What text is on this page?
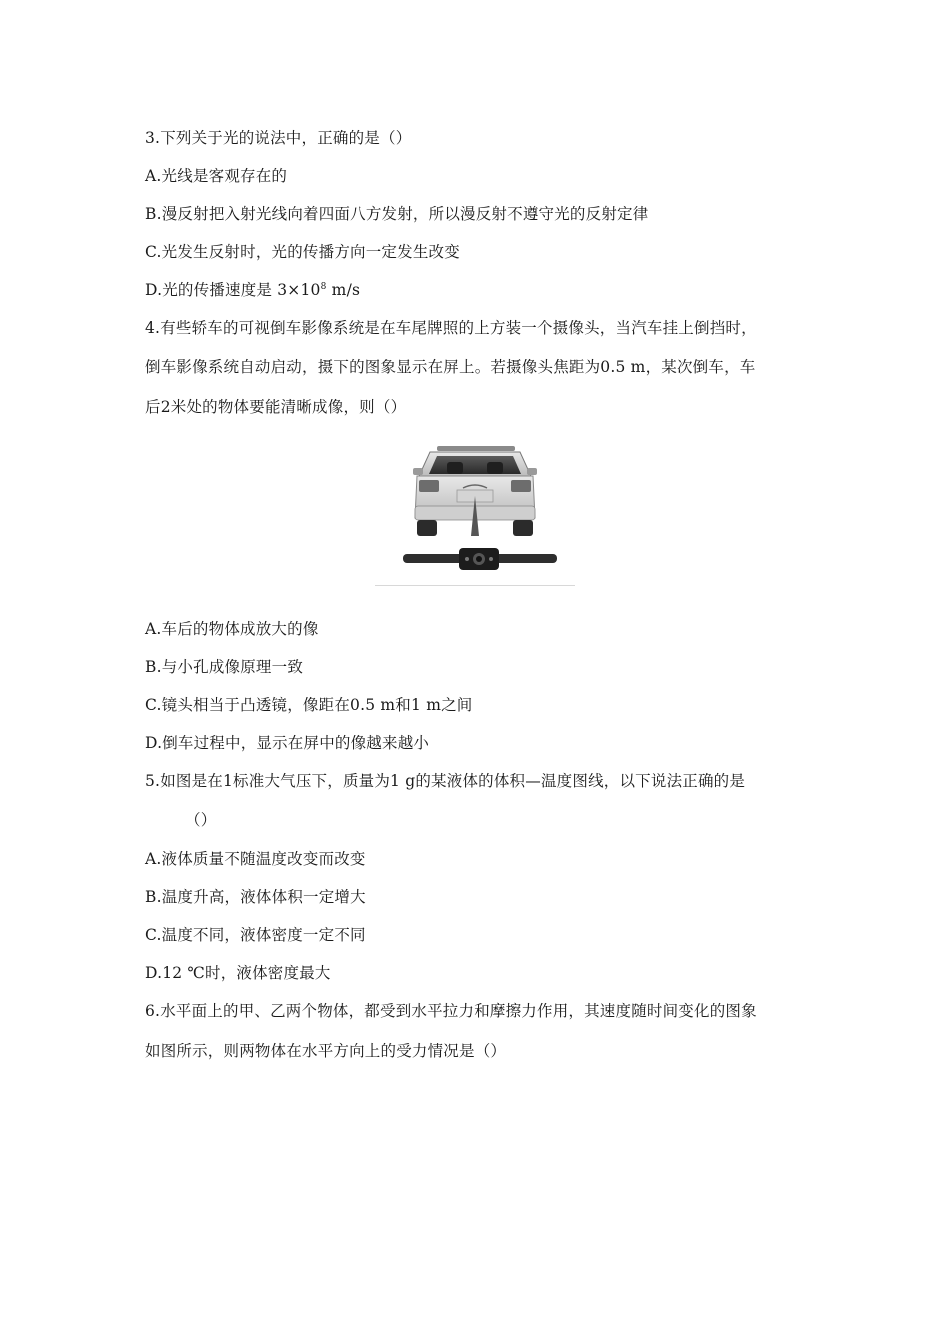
3.下列关于光的说法中，正确的是（）
A.光线是客观存在的
B.漫反射把入射光线向着四面八方发射，所以漫反射不遵守光的反射定律
C.光发生反射时，光的传播方向一定发生改变
D.光的传播速度是 $3\times 10^8$ m/s
4.有些轿车的可视倒车影像系统是在车尾牌照的上方装一个摄像头，当汽车挂上倒挡时，
倒车影像系统自动启动，摄下的图象显示在屏上。若摄像头焦距为0.5 m，某次倒车，车
后2米处的物体要能清晰成像，则（）
A.车后的物体成放大的像
B.与小孔成像原理一致
C.镜头相当于凸透镜，像距在0.5 m和1 m之间
D.倒车过程中，显示在屏中的像越来越小
5.如图是在1标准大气压下，质量为1 g的某液体的体积—温度图线，以下说法正确的是
（）
A.液体质量不随温度改变而改变
B.温度升高，液体体积一定增大
C.温度不同，液体密度一定不同
D.12 ℃时，液体密度最大
6.水平面上的甲、乙两个物体，都受到水平拉力和摩擦力作用，其速度随时间变化的图象
如图所示，则两物体在水平方向上的受力情况是（）
